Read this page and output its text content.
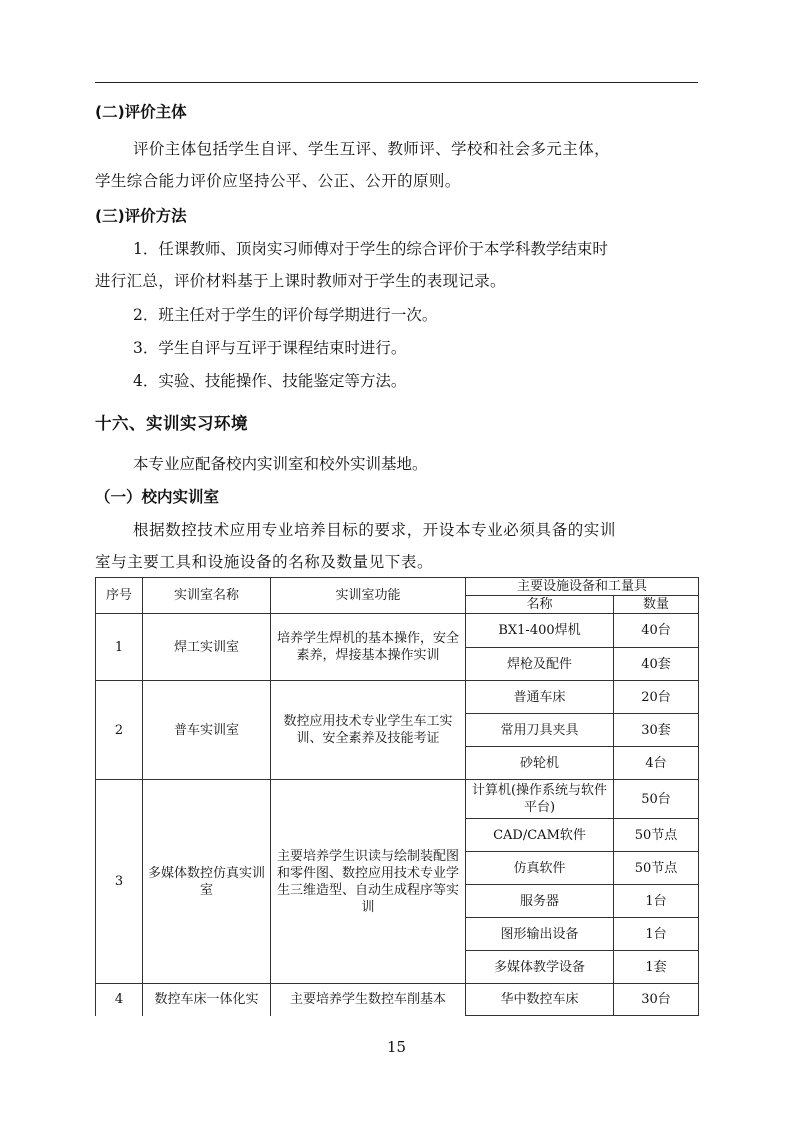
(二)评价主体
评价主体包括学生自评、学生互评、教师评、学校和社会多元主体，
学生综合能力评价应坚持公平、公正、公开的原则。
(三)评价方法
1．任课教师、顶岗实习师傅对于学生的综合评价于本学科教学结束时
进行汇总，评价材料基于上课时教师对于学生的表现记录。
2．班主任对于学生的评价每学期进行一次。
3．学生自评与互评于课程结束时进行。
4．实验、技能操作、技能鉴定等方法。
十六、实训实习环境
本专业应配备校内实训室和校外实训基地。
（一）校内实训室
根据数控技术应用专业培养目标的要求，开设本专业必须具备的实训
室与主要工具和设施设备的名称及数量见下表。
序号	实训室名称	实训室功能	主要设施设备和工量具	
			名称	数量
1	焊工实训室	培养学生焊机的基本操作，安全素养，焊接基本操作实训	BX1-400焊机	40台
			焊枪及配件	40套
2	普车实训室	数控应用技术专业学生车工实训、安全素养及技能考证	普通车床	20台
			常用刀具夹具	30套
			砂轮机	4台
3	多媒体数控仿真实训室	主要培养学生识读与绘制装配图和零件图、数控应用技术专业学生三维造型、自动生成程序等实训	计算机(操作系统与软件平台)	50台
			CAD/CAM软件	50节点
			仿真软件	50节点
			服务器	1台
			图形输出设备	1台
			多媒体教学设备	1套
4	数控车床一体化实	主要培养学生数控车削基本	华中数控车床	30台
15
